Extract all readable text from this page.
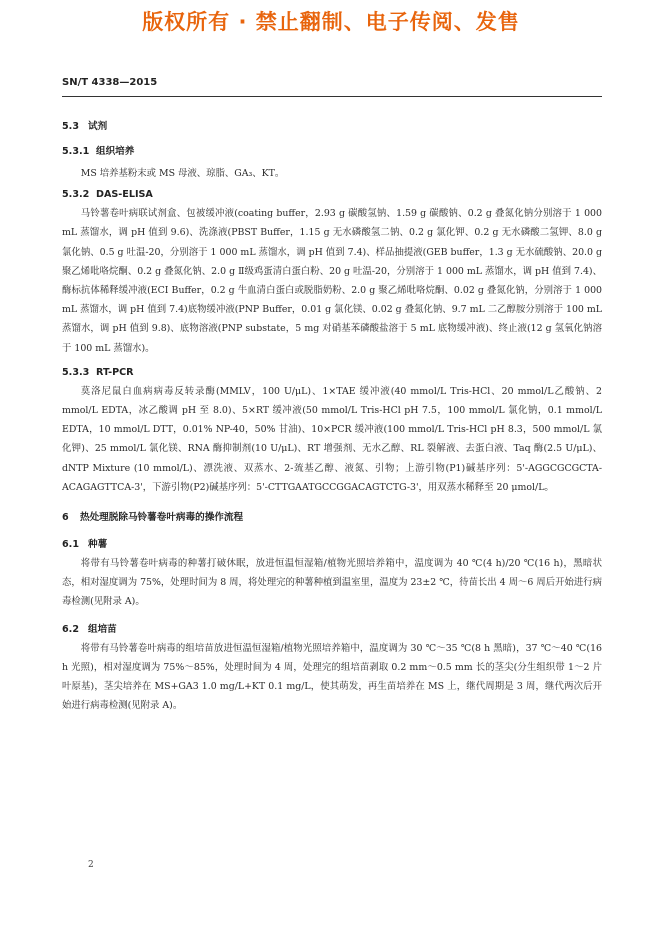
版权所有 · 禁止翻制、电子传阅、发售
SN/T 4338—2015
5.3 试剂
5.3.1 组织培养

MS 培养基粉末或 MS 母液、琼脂、GA₃、KT。

5.3.2 DAS-ELISA

马铃薯卷叶病联试剂盒、包被缓冲液(coating buffer，2.93 g 碳酸氢钠、1.59 g 碳酸钠、0.2 g 叠氮化钠分别溶于 1 000 mL 蒸馏水，调 pH 值到 9.6)、洗涤液(PBST Buffer，1.15 g 无水磷酸氢二钠、0.2 g 氯化钾、0.2 g 无水磷酸二氢钾、8.0 g 氯化钠、0.5 g 吐温-20，分别溶于 1 000 mL 蒸馏水，调 pH 值到 7.4)、样品抽提液(GEB buffer，1.3 g 无水硫酸钠、20.0 g 聚乙烯吡咯烷酮、0.2 g 叠氮化钠、2.0 g Ⅱ级鸡蛋清白蛋白粉、20 g 吐温-20，分别溶于 1 000 mL 蒸馏水，调 pH 值到 7.4)、酶标抗体稀释缓冲液(ECI Buffer，0.2 g 牛血清白蛋白或脱脂奶粉、2.0 g 聚乙烯吡咯烷酮、0.02 g 叠氮化钠，分别溶于 1 000 mL 蒸馏水，调 pH 值到 7.4)底物缓冲液(PNP Buffer，0.01 g 氯化镁、0.02 g 叠氮化钠、9.7 mL 二乙醇胺分别溶于 100 mL 蒸馏水，调 pH 值到 9.8)、底物溶液(PNP substate，5 mg 对硝基苯磷酸盐溶于 5 mL 底物缓冲液)、终止液(12 g 氢氧化钠溶于 100 mL 蒸馏水)。

5.3.3 RT-PCR

莫洛尼鼠白血病病毒反转录酶(MMLV，100 U/μL)、1×TAE 缓冲液(40 mmol/L Tris-HCl、20 mmol/L乙酸钠、2 mmol/L EDTA，冰乙酸调 pH 至 8.0)、5×RT 缓冲液(50 mmol/L Tris-HCl pH 7.5，100 mmol/L 氯化钠，0.1 mmol/L EDTA，10 mmol/L DTT，0.01% NP-40，50% 甘油)、10×PCR 缓冲液(100 mmol/L Tris-HCl pH 8.3，500 mmol/L 氯化钾)、25 mmol/L 氯化镁、RNA 酶抑制剂(10 U/μL)、RT 增强剂、无水乙醇、RL 裂解液、去蛋白液、Taq 酶(2.5 U/μL)、dNTP Mixture (10 mmol/L)、漂洗液、双蒸水、2-巯基乙醇、液氮、引物；上游引物(P1)碱基序列：5'-AGGCGCGCTA-ACAGAGTTCA-3'，下游引物(P2)碱基序列：5'-CTTGAATGCCGGACAGTCTG-3'，用双蒸水稀释至 20 μmol/L。

6 热处理脱除马铃薯卷叶病毒的操作流程
6.1 种薯

将带有马铃薯卷叶病毒的种薯打破休眠，放进恒温恒湿箱/植物光照培养箱中，温度调为 40 ℃(4 h)/20 ℃(16 h)，黑暗状态，相对湿度调为 75%，处理时间为 8 周，将处理完的种薯种植到温室里，温度为 23±2 ℃，待苗长出 4 周～6 周后开始进行病毒检测(见附录 A)。

6.2 组培苗

将带有马铃薯卷叶病毒的组培苗放进恒温恒湿箱/植物光照培养箱中，温度调为 30 ℃～35 ℃(8 h 黑暗)，37 ℃～40 ℃(16 h 光照)，相对湿度调为 75%～85%，处理时间为 4 周，处理完的组培苗剥取 0.2 mm～0.5 mm 长的茎尖(分生组织带 1～2 片叶原基)，茎尖培养在 MS+GA3 1.0 mg/L+KT 0.1 mg/L，使其萌发，再生苗培养在 MS 上，继代周期是 3 周，继代两次后开始进行病毒检测(见附录 A)。

2
